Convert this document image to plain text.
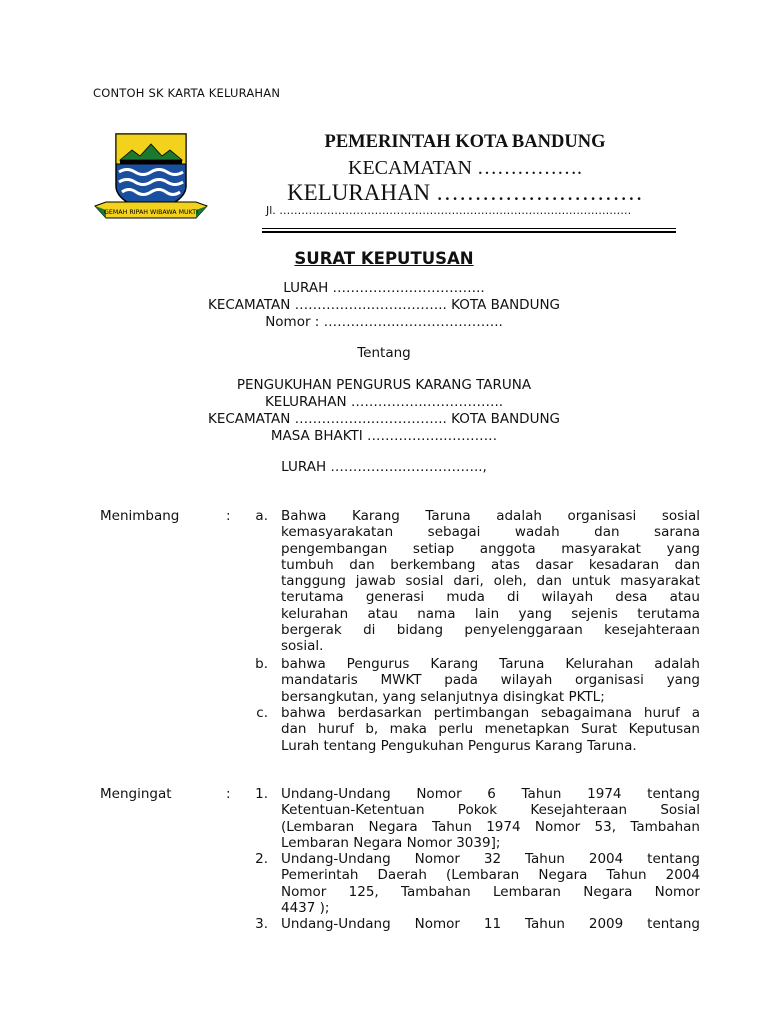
CONTOH SK KARTA KELURAHAN
GEMAH RIPAH WIBAWA MUKTI
PEMERINTAH KOTA BANDUNG
KECAMATAN …………….
KELURAHAN ………………………
Jl. ……………………………………………………………………………………
SURAT KEPUTUSAN
LURAH ……………..……………..
KECAMATAN ……………..…………….. KOTA BANDUNG
Nomor : ……………..…………………..
Tentang
PENGUKUHAN PENGURUS KARANG TARUNA
KELURAHAN ……………..……………..
KECAMATAN ……………..…………….. KOTA BANDUNG
MASA BHAKTI ……………..…………
LURAH ……………..……………..,
Menimbang	:	a. Bahwa Karang Taruna adalah organisasi sosial
kemasyarakatan sebagai wadah dan sarana
pengembangan setiap anggota masyarakat yang
tumbuh dan berkembang atas dasar kesadaran dan
tanggung jawab sosial dari, oleh, dan untuk masyarakat
terutama generasi muda di wilayah desa atau
kelurahan atau nama lain yang sejenis terutama
bergerak di bidang penyelenggaraan kesejahteraan
sosial.
b. bahwa Pengurus Karang Taruna Kelurahan adalah
mandataris MWKT pada wilayah organisasi yang
bersangkutan, yang selanjutnya disingkat PKTL;
c. bahwa berdasarkan pertimbangan sebagaimana huruf a
dan huruf b, maka perlu menetapkan Surat Keputusan
Lurah tentang Pengukuhan Pengurus Karang Taruna.
Mengingat	:	1. Undang-Undang Nomor 6 Tahun 1974 tentang
Ketentuan-Ketentuan Pokok Kesejahteraan Sosial
(Lembaran Negara Tahun 1974 Nomor 53, Tambahan
Lembaran Negara Nomor 3039];
2. Undang-Undang Nomor 32 Tahun 2004 tentang
Pemerintah Daerah (Lembaran Negara Tahun 2004
Nomor 125, Tambahan Lembaran Negara Nomor
4437 );
3. Undang-Undang Nomor 11 Tahun 2009 tentang
